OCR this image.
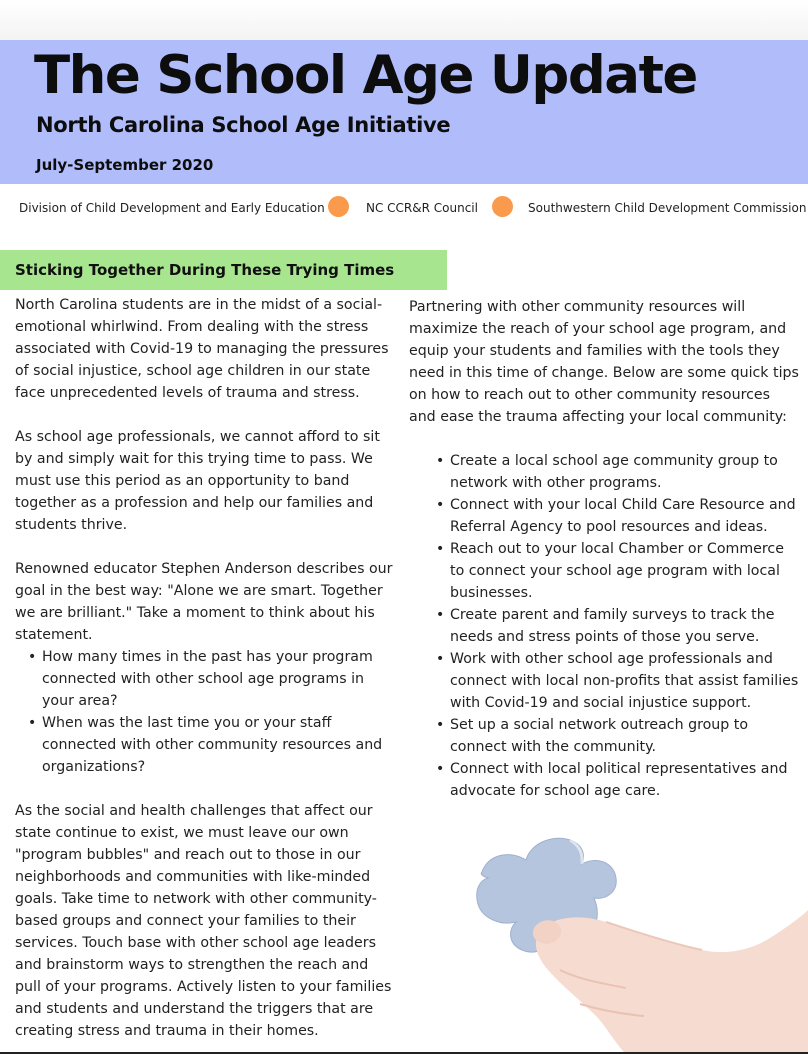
The School Age Update
North Carolina School Age Initiative
July-September 2020
Division of Child Development and Early Education	NC CCR&R Council	Southwestern Child Development Commission
Sticking Together During These Trying Times

North Carolina students are in the midst of a social-emotional whirlwind. From dealing with the stress associated with Covid-19 to managing the pressures of social injustice, school age children in our state face unprecedented levels of trauma and stress.

As school age professionals, we cannot afford to sit by and simply wait for this trying time to pass. We must use this period as an opportunity to band together as a profession and help our families and students thrive.

Renowned educator Stephen Anderson describes our goal in the best way: "Alone we are smart. Together we are brilliant." Take a moment to think about his statement.

• How many times in the past has your program connected with other school age programs in your area?
• When was the last time you or your staff connected with other community resources and organizations?

As the social and health challenges that affect our state continue to exist, we must leave our own "program bubbles" and reach out to those in our neighborhoods and communities with like-minded goals. Take time to network with other community-based groups and connect your families to their services. Touch base with other school age leaders and brainstorm ways to strengthen the reach and pull of your programs. Actively listen to your families and students and understand the triggers that are creating stress and trauma in their homes.

Partnering with other community resources will maximize the reach of your school age program, and equip your students and families with the tools they need in this time of change. Below are some quick tips on how to reach out to other community resources and ease the trauma affecting your local community:

• Create a local school age community group to network with other programs.
• Connect with your local Child Care Resource and Referral Agency to pool resources and ideas.
• Reach out to your local Chamber or Commerce to connect your school age program with local businesses.
• Create parent and family surveys to track the needs and stress points of those you serve.
• Work with other school age professionals and connect with local non-profits that assist families with Covid-19 and social injustice support.
• Set up a social network outreach group to connect with the community.
• Connect with local political representatives and advocate for school age care.
